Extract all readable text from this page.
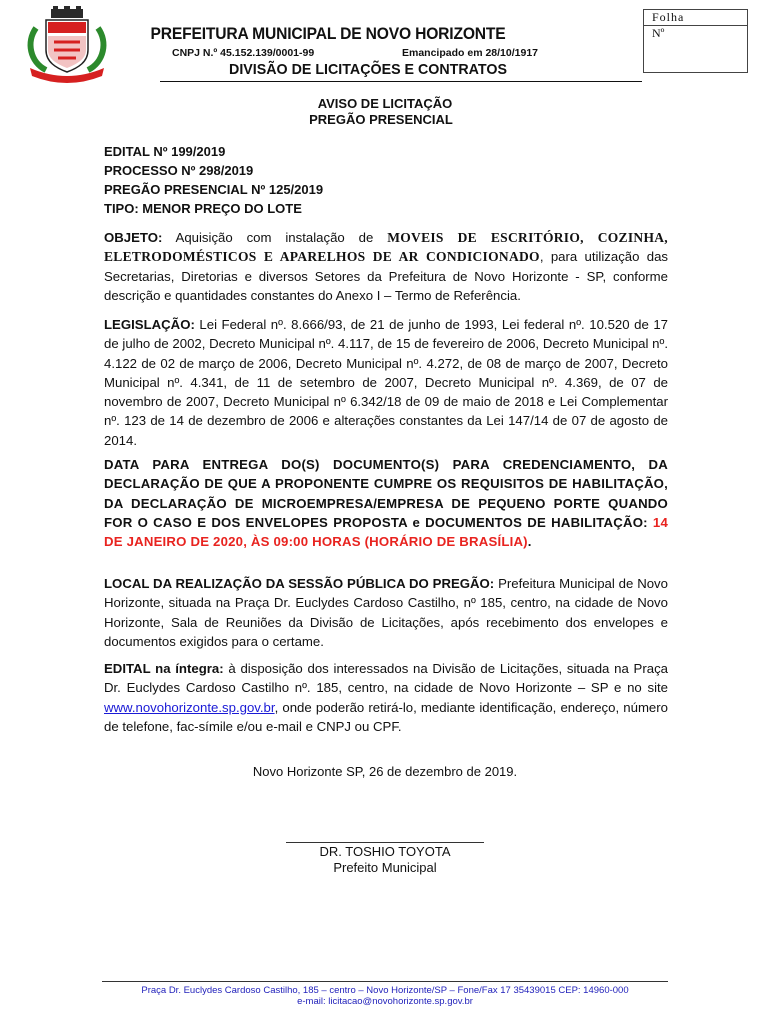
PREFEITURA MUNICIPAL DE NOVO HORIZONTE
CNPJ N.º 45.152.139/0001-99	Emancipado em 28/10/1917
DIVISÃO DE LICITAÇÕES E CONTRATOS
Folha
Nº
AVISO DE LICITAÇÃO
PREGÃO PRESENCIAL
EDITAL Nº 199/2019
PROCESSO Nº 298/2019
PREGÃO PRESENCIAL Nº 125/2019
TIPO: MENOR PREÇO DO LOTE
OBJETO: Aquisição com instalação de MOVEIS DE ESCRITÓRIO, COZINHA, ELETRODOMÉSTICOS E APARELHOS DE AR CONDICIONADO, para utilização das Secretarias, Diretorias e diversos Setores da Prefeitura de Novo Horizonte - SP, conforme descrição e quantidades constantes do Anexo I – Termo de Referência.
LEGISLAÇÃO: Lei Federal nº. 8.666/93, de 21 de junho de 1993, Lei federal nº. 10.520 de 17 de julho de 2002, Decreto Municipal nº. 4.117, de 15 de fevereiro de 2006, Decreto Municipal nº. 4.122 de 02 de março de 2006, Decreto Municipal nº. 4.272, de 08 de março de 2007, Decreto Municipal nº. 4.341, de 11 de setembro de 2007, Decreto Municipal nº. 4.369, de 07 de novembro de 2007, Decreto Municipal nº 6.342/18 de 09 de maio de 2018 e Lei Complementar nº. 123 de 14 de dezembro de 2006 e alterações constantes da Lei 147/14 de 07 de agosto de 2014.
DATA PARA ENTREGA DO(S) DOCUMENTO(S) PARA CREDENCIAMENTO, DA DECLARAÇÃO DE QUE A PROPONENTE CUMPRE OS REQUISITOS DE HABILITAÇÃO, DA DECLARAÇÃO DE MICROEMPRESA/EMPRESA DE PEQUENO PORTE QUANDO FOR O CASO E DOS ENVELOPES PROPOSTA e DOCUMENTOS DE HABILITAÇÃO: 14 DE JANEIRO DE 2020, ÀS 09:00 HORAS (HORÁRIO DE BRASÍLIA).
LOCAL DA REALIZAÇÃO DA SESSÃO PÚBLICA DO PREGÃO: Prefeitura Municipal de Novo Horizonte, situada na Praça Dr. Euclydes Cardoso Castilho, nº 185, centro, na cidade de Novo Horizonte, Sala de Reuniões da Divisão de Licitações, após recebimento dos envelopes e documentos exigidos para o certame.
EDITAL na íntegra: à disposição dos interessados na Divisão de Licitações, situada na Praça Dr. Euclydes Cardoso Castilho nº. 185, centro, na cidade de Novo Horizonte – SP e no site www.novohorizonte.sp.gov.br, onde poderão retirá-lo, mediante identificação, endereço, número de telefone, fac-símile e/ou e-mail e CNPJ ou CPF.
Novo Horizonte SP, 26 de dezembro de 2019.
DR. TOSHIO TOYOTA
Prefeito Municipal
Praça Dr. Euclydes Cardoso Castilho, 185 – centro – Novo Horizonte/SP – Fone/Fax 17 35439015 CEP: 14960-000
e-mail: licitacao@novohorizonte.sp.gov.br
